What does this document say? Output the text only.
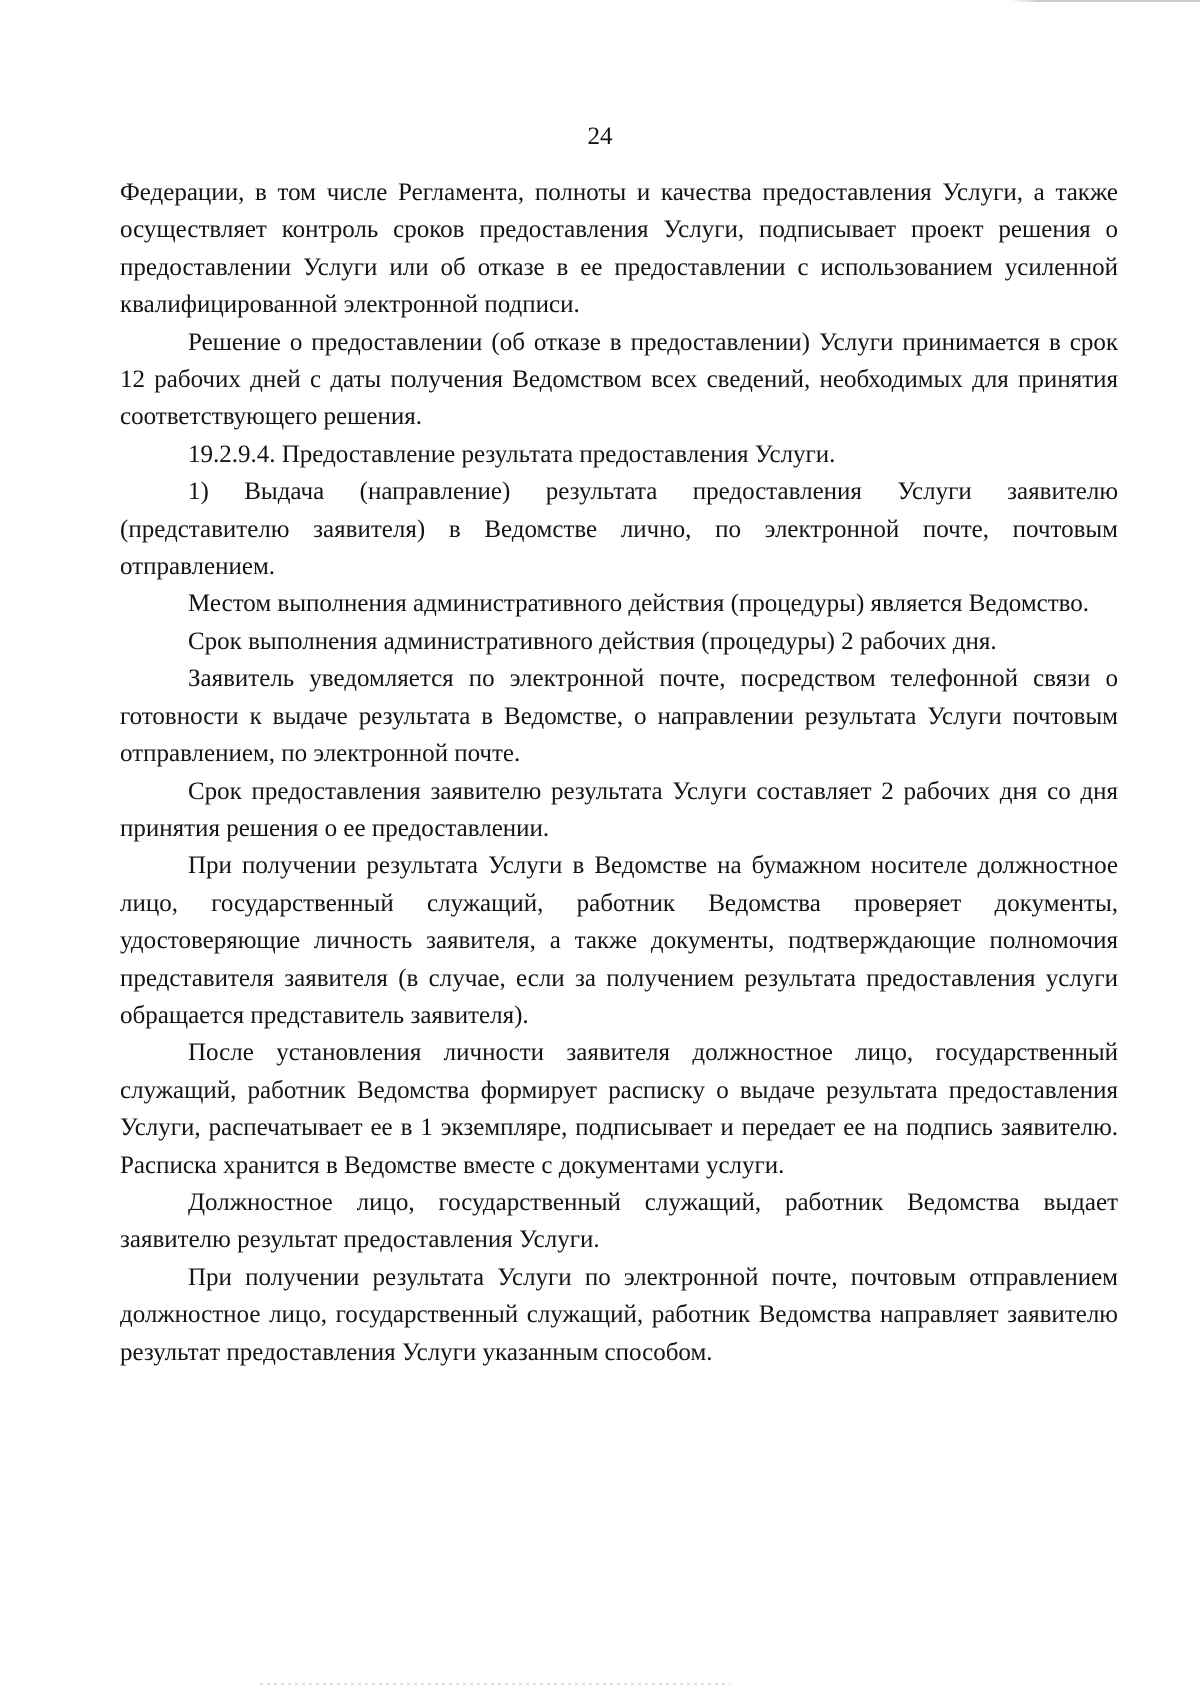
24

Федерации, в том числе Регламента, полноты и качества предоставления Услуги, а также осуществляет контроль сроков предоставления Услуги, подписывает проект решения о предоставлении Услуги или об отказе в ее предоставлении с использованием усиленной квалифицированной электронной подписи.

Решение о предоставлении (об отказе в предоставлении) Услуги принимается в срок 12 рабочих дней с даты получения Ведомством всех сведений, необходимых для принятия соответствующего решения.

19.2.9.4. Предоставление результата предоставления Услуги.

1) Выдача (направление) результата предоставления Услуги заявителю (представителю заявителя) в Ведомстве лично, по электронной почте, почтовым отправлением.

Местом выполнения административного действия (процедуры) является Ведомство.

Срок выполнения административного действия (процедуры) 2 рабочих дня.

Заявитель уведомляется по электронной почте, посредством телефонной связи о готовности к выдаче результата в Ведомстве, о направлении результата Услуги почтовым отправлением, по электронной почте.

Срок предоставления заявителю результата Услуги составляет 2 рабочих дня со дня принятия решения о ее предоставлении.

При получении результата Услуги в Ведомстве на бумажном носителе должностное лицо, государственный служащий, работник Ведомства проверяет документы, удостоверяющие личность заявителя, а также документы, подтверждающие полномочия представителя заявителя (в случае, если за получением результата предоставления услуги обращается представитель заявителя).

После установления личности заявителя должностное лицо, государственный служащий, работник Ведомства формирует расписку о выдаче результата предоставления Услуги, распечатывает ее в 1 экземпляре, подписывает и передает ее на подпись заявителю. Расписка хранится в Ведомстве вместе с документами услуги.

Должностное лицо, государственный служащий, работник Ведомства выдает заявителю результат предоставления Услуги.

При получении результата Услуги по электронной почте, почтовым отправлением должностное лицо, государственный служащий, работник Ведомства направляет заявителю результат предоставления Услуги указанным способом.
